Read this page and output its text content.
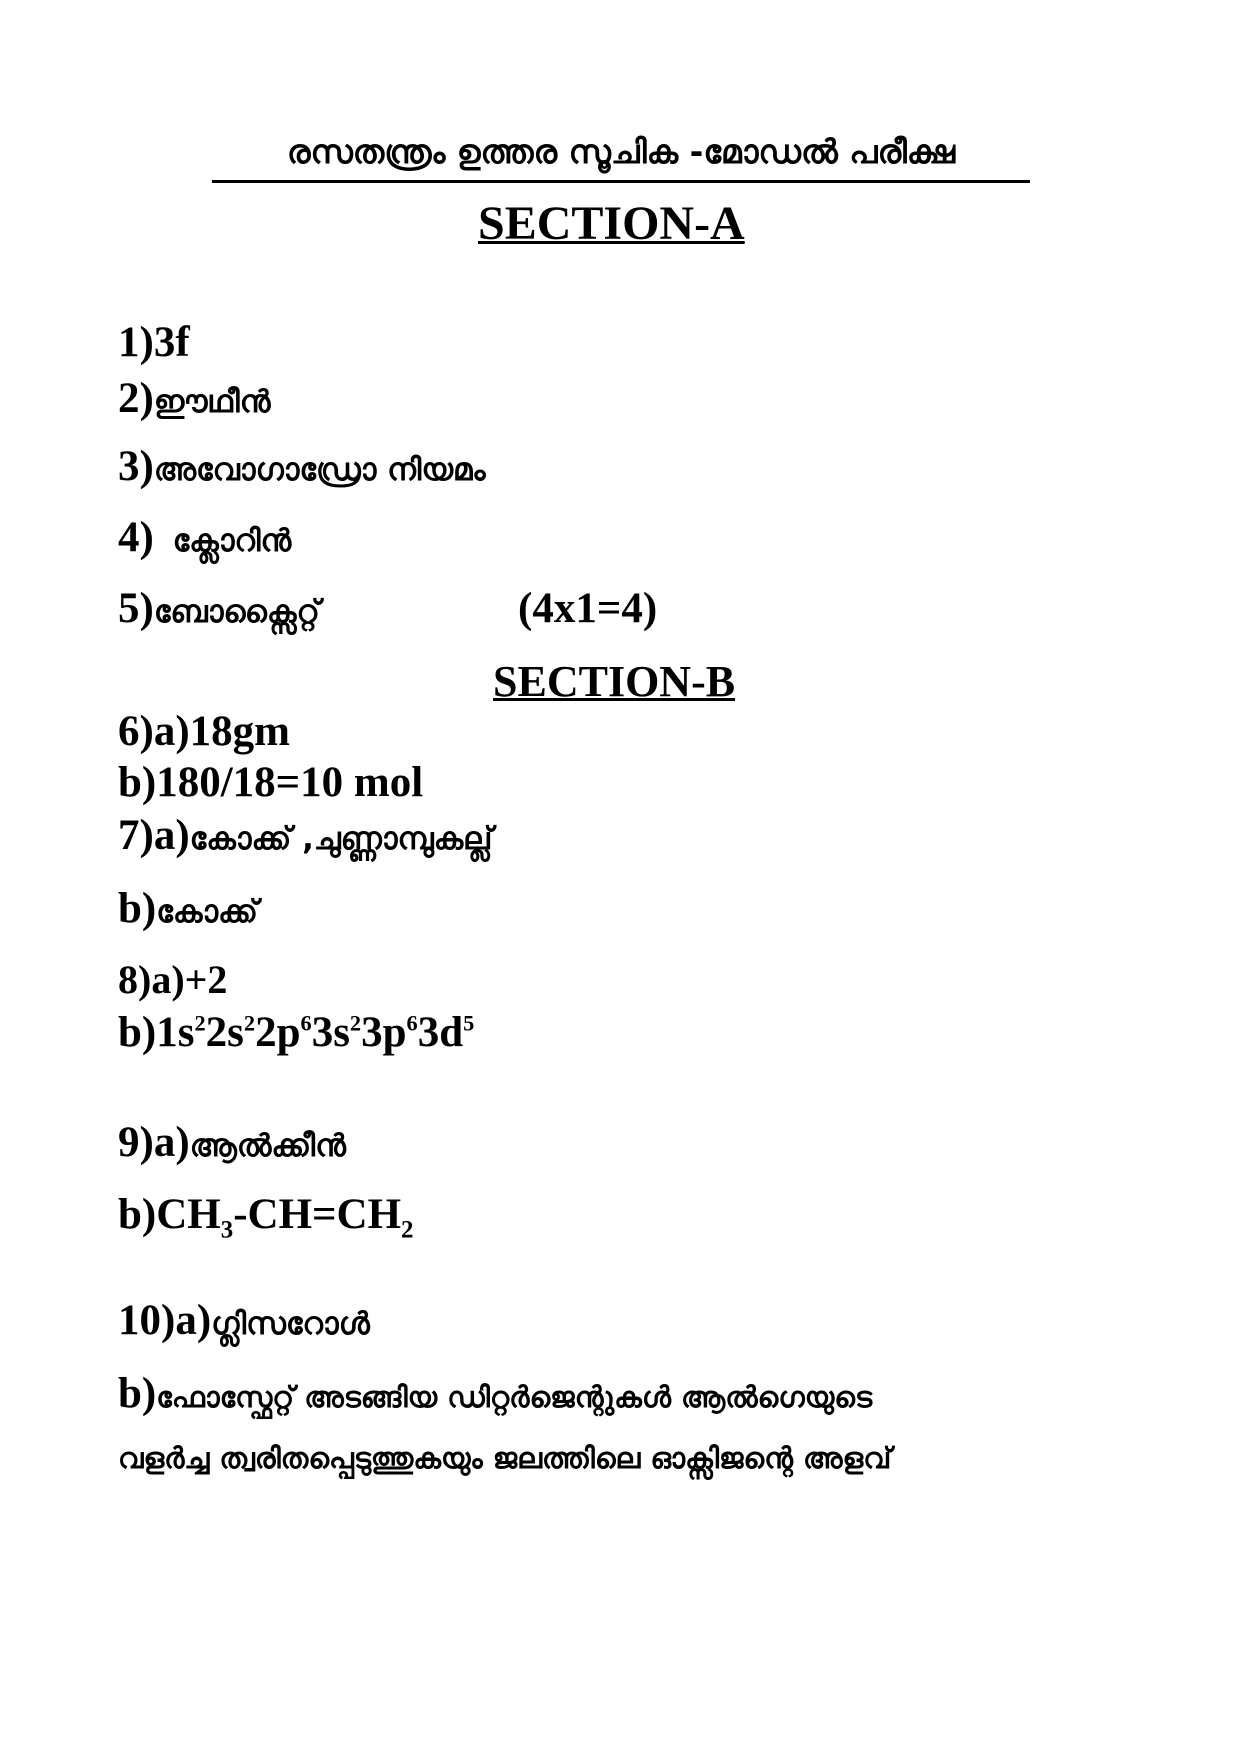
രസതന്ത്രം ഉത്തര സൂചിക -മോഡൽ പരീക്ഷ
SECTION-A
1)3f
2)ഈഥീൻ
3)അവോഗാഡ്രോ നിയമം
4) ക്ലോറിൻ
5)ബോക്സൈറ്റ്	(4x1=4)
SECTION-B
6)a)18gm
b)180/18=10 mol
7)a)കോക്ക് ,ചുണ്ണാമ്പുകല്ല്
b)കോക്ക്
8)a)+2
$b)1s^22s^22p^63s^23p^63d^5$
9)a)ആൽക്കീൻ
$b)CH_3-CH=CH_2$
10)a)ഗ്ലിസറോൾ
b)ഫോസ്ഫേറ്റ് അടങ്ങിയ ഡിറ്റർജെന്റുകൾ ആൽഗെയുടെ
വളർച്ച ത്വരിതപ്പെടുത്തുകയും ജലത്തിലെ ഓക്സിജന്റെ അളവ്
